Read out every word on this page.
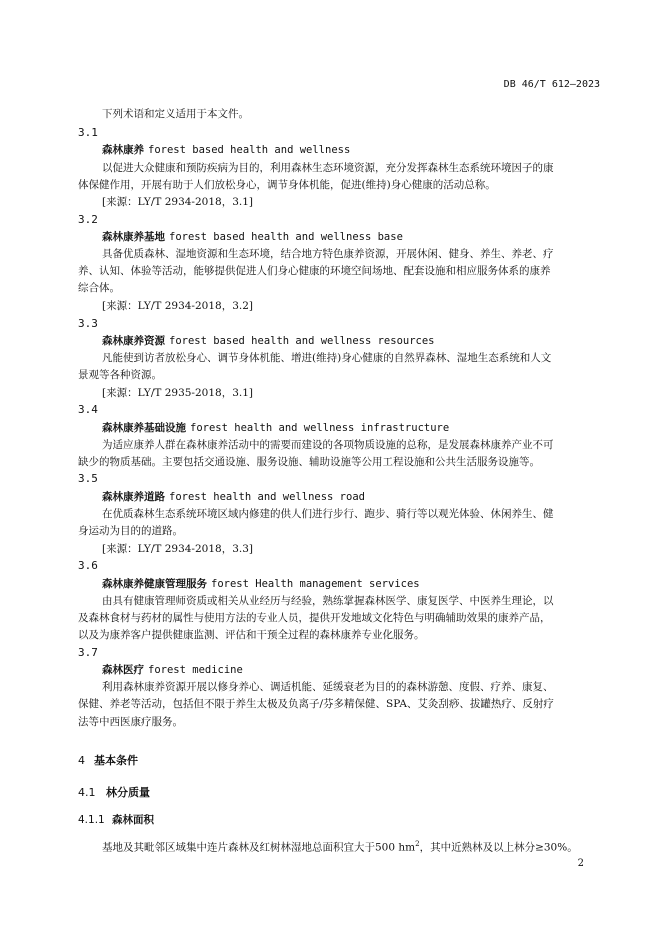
DB 46/T 612—2023
下列术语和定义适用于本文件。
3.1
森林康养 forest based health and wellness
以促进大众健康和预防疾病为目的，利用森林生态环境资源，充分发挥森林生态系统环境因子的康
体保健作用，开展有助于人们放松身心，调节身体机能，促进(维持)身心健康的活动总称。
[来源：LY/T 2934-2018，3.1]
3.2
森林康养基地 forest based health and wellness base
具备优质森林、湿地资源和生态环境，结合地方特色康养资源，开展休闲、健身、养生、养老、疗
养、认知、体验等活动，能够提供促进人们身心健康的环境空间场地、配套设施和相应服务体系的康养
综合体。
[来源：LY/T 2934-2018，3.2]
3.3
森林康养资源 forest based health and wellness resources
凡能使到访者放松身心、调节身体机能、增进(维持)身心健康的自然界森林、湿地生态系统和人文
景观等各种资源。
[来源：LY/T 2935-2018，3.1]
3.4
森林康养基础设施 forest health and wellness infrastructure
为适应康养人群在森林康养活动中的需要而建设的各项物质设施的总称，是发展森林康养产业不可
缺少的物质基础。主要包括交通设施、服务设施、辅助设施等公用工程设施和公共生活服务设施等。
3.5
森林康养道路 forest health and wellness road
在优质森林生态系统环境区域内修建的供人们进行步行、跑步、骑行等以观光体验、休闲养生、健
身运动为目的的道路。
[来源：LY/T 2934-2018，3.3]
3.6
森林康养健康管理服务 forest Health management services
由具有健康管理师资质或相关从业经历与经验，熟练掌握森林医学、康复医学、中医养生理论，以
及森林食材与药材的属性与使用方法的专业人员，提供开发地域文化特色与明确辅助效果的康养产品，
以及为康养客户提供健康监测、评估和干预全过程的森林康养专业化服务。
3.7
森林医疗 forest medicine
利用森林康养资源开展以修身养心、调适机能、延缓衰老为目的的森林游憩、度假、疗养、康复、
保健、养老等活动，包括但不限于养生太极及负离子/芬多精保健、SPA、艾灸刮痧、拔罐热疗、反射疗
法等中西医康疗服务。
4 基本条件
4.1 林分质量
4.1.1 森林面积
基地及其毗邻区域集中连片森林及红树林湿地总面积宜大于500 $hm^2$，其中近熟林及以上林分≥30%。
2
